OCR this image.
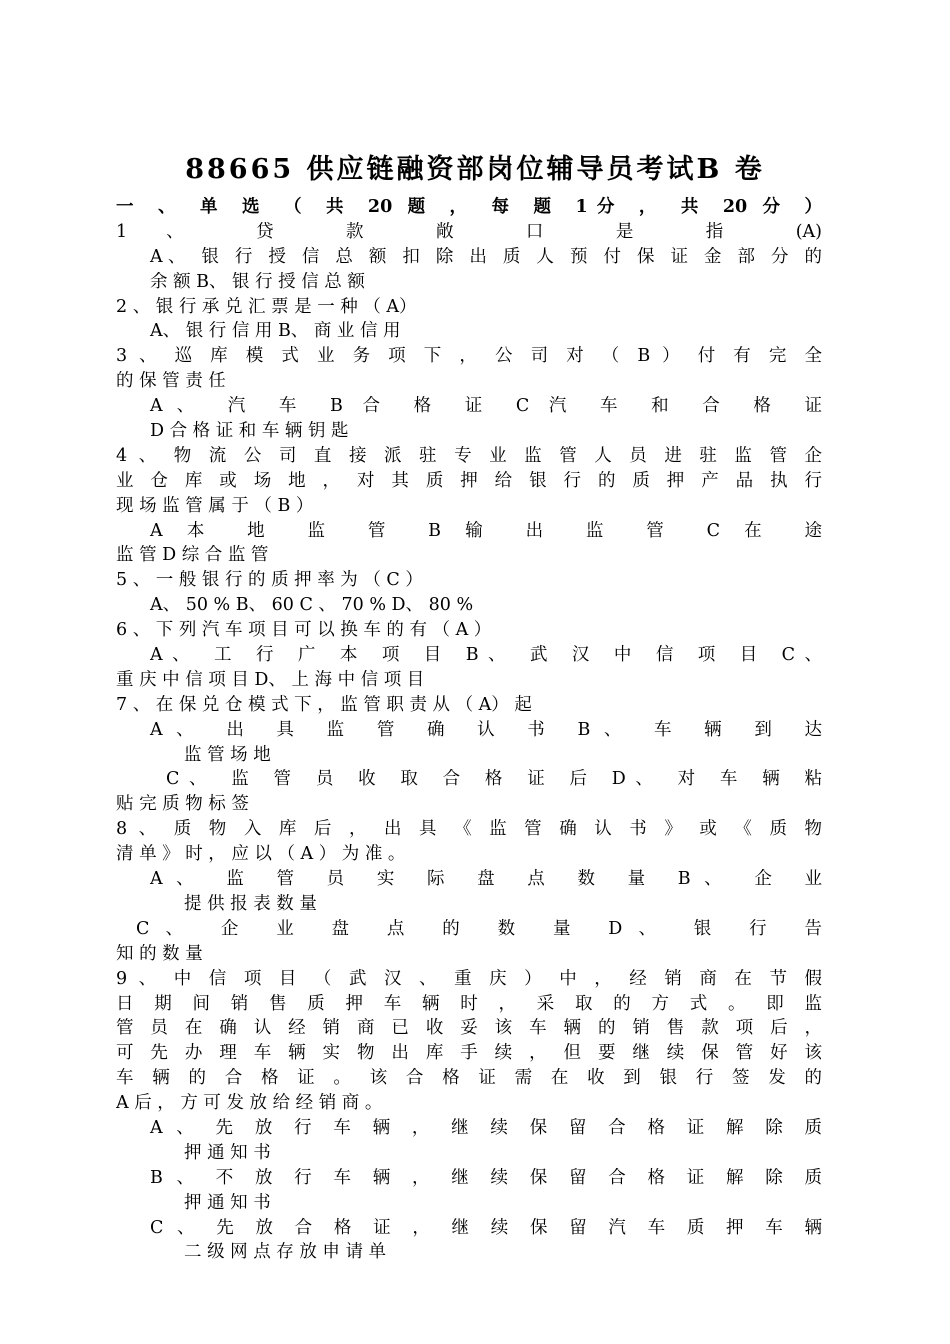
88665 供应链融资部岗位辅导员考试B 卷
一 、 单 选 （ 共 20 题 ， 每 题 1分 ， 共 20 分 ）
1 、 贷 款 敞 口 是 指 (A)
A、 银 行 授 信 总 额 扣 除 出 质 人 预 付 保 证 金 部 分 的
余 额 B、 银 行 授 信 总 额
2 、 银 行 承 兑 汇 票 是 一 种 （ A）
A、 银 行 信 用 B、 商 业 信 用
3 、 巡 库 模 式 业 务 项 下 ， 公 司 对 （ B ） 付 有 完 全
的 保 管 责 任
A、 汽 车 B 合 格 证 C 汽 车 和 合 格 证
D 合 格 证 和 车 辆 钥 匙
4 、 物 流 公 司 直 接 派 驻 专 业 监 管 人 员 进 驻 监 管 企
业 仓 库 或 场 地 ， 对 其 质 押 给 银 行 的 质 押 产 品 执 行
现 场 监 管 属 于 （ B ）
A 本 地 监 管 B 输 出 监 管 C 在 途
监 管 D 综 合 监 管
5 、 一 般 银 行 的 质 押 率 为 （ C ）
A、 50 % B、 60 C 、 70 % D、 80 %
6 、 下 列 汽 车 项 目 可 以 换 车 的 有 （ A ）
A、 工 行 广 本 项 目 B、 武 汉 中 信 项 目 C、
重 庆 中 信 项 目 D、 上 海 中 信 项 目
7 、 在 保 兑 仓 模 式 下 ， 监 管 职 责 从 （ A） 起
A、 出 具 监 管 确 认 书 B、 车 辆 到 达
监 管 场 地
C、 监 管 员 收 取 合 格 证 后 D、 对 车 辆 粘
贴 完 质 物 标 签
8 、 质 物 入 库 后 ， 出 具 《 监 管 确 认 书 》 或 《 质 物
清 单 》 时 ， 应 以 （ A ） 为 准 。
A、 监 管 员 实 际 盘 点 数 量 B、 企 业
提 供 报 表 数 量
C、 企 业 盘 点 的 数 量 D、 银 行 告
知 的 数 量
9 、 中 信 项 目 （ 武 汉 、 重 庆 ） 中 ， 经 销 商 在 节 假
日 期 间 销 售 质 押 车 辆 时 ， 采 取 的 方 式 。 即 监
管 员 在 确 认 经 销 商 已 收 妥 该 车 辆 的 销 售 款 项 后 ，
可 先 办 理 车 辆 实 物 出 库 手 续 ， 但 要 继 续 保 管 好 该
车 辆 的 合 格 证 。 该 合 格 证 需 在 收 到 银 行 签 发 的
A 后 ， 方 可 发 放 给 经 销 商 。
A 、 先 放 行 车 辆 ， 继 续 保 留 合 格 证 解 除 质
押 通 知 书
B 、 不 放 行 车 辆 ， 继 续 保 留 合 格 证 解 除 质
押 通 知 书
C 、 先 放 合 格 证 ， 继 续 保 留 汽 车 质 押 车 辆
二 级 网 点 存 放 申 请 单
